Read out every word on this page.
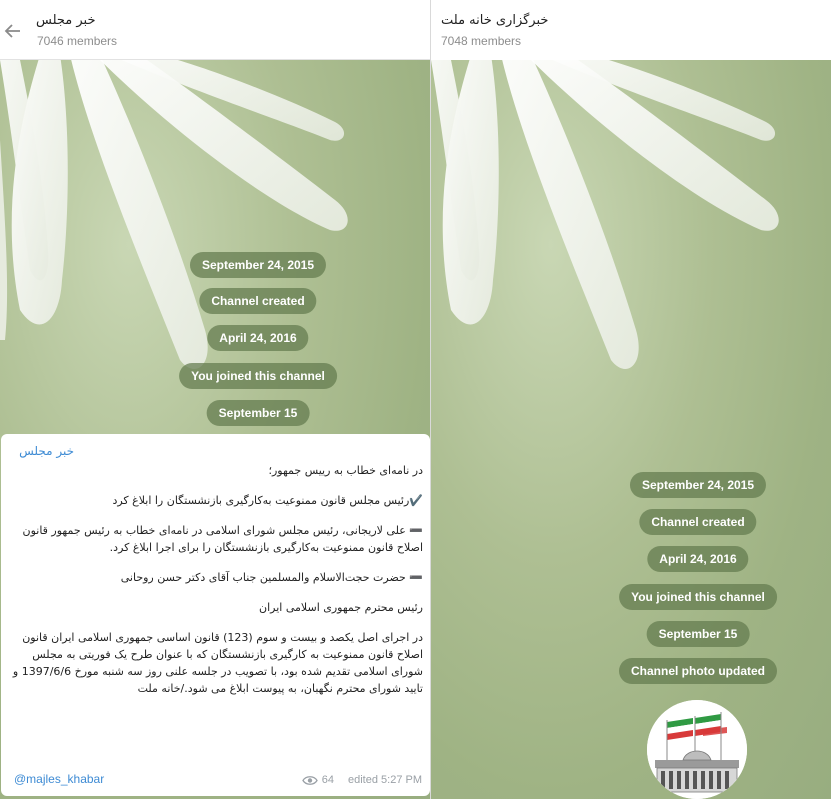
خبر مجلس
7046 members
September 24, 2015
Channel created
April 24, 2016
You joined this channel
September 15
خبر مجلس

در نامه‌ای خطاب به رییس جمهور؛

✔️رئیس مجلس قانون ممنوعیت به‌کارگیری بازنشستگان را ابلاغ کرد

➖ علی لاریجانی، رئیس مجلس شورای اسلامی در نامه‌ای خطاب به رئیس جمهور قانون اصلاح قانون ممنوعیت به‌کارگیری بازنشستگان را برای اجرا ابلاغ کرد.

➖ حضرت حجت‌الاسلام والمسلمین جناب آقای دکتر حسن روحانی

رئیس محترم جمهوری اسلامی ایران

در اجرای اصل یکصد و بیست و سوم (123) قانون اساسی جمهوری اسلامی ایران قانون اصلاح قانون ممنوعیت به کارگیری بازنشستگان که با عنوان طرح یک فوریتی به مجلس شورای اسلامی تقدیم شده بود، با تصویب در جلسه علنی روز سه شنبه مورخ 1397/6/6 و تایید شورای محترم نگهبان، به پیوست ابلاغ می شود./خانه ملت

@majles_khabar	64 edited 5:27 PM
خبرگزاری خانه ملت
7048 members
September 24, 2015
Channel created
April 24, 2016
You joined this channel
September 15
Channel photo updated
